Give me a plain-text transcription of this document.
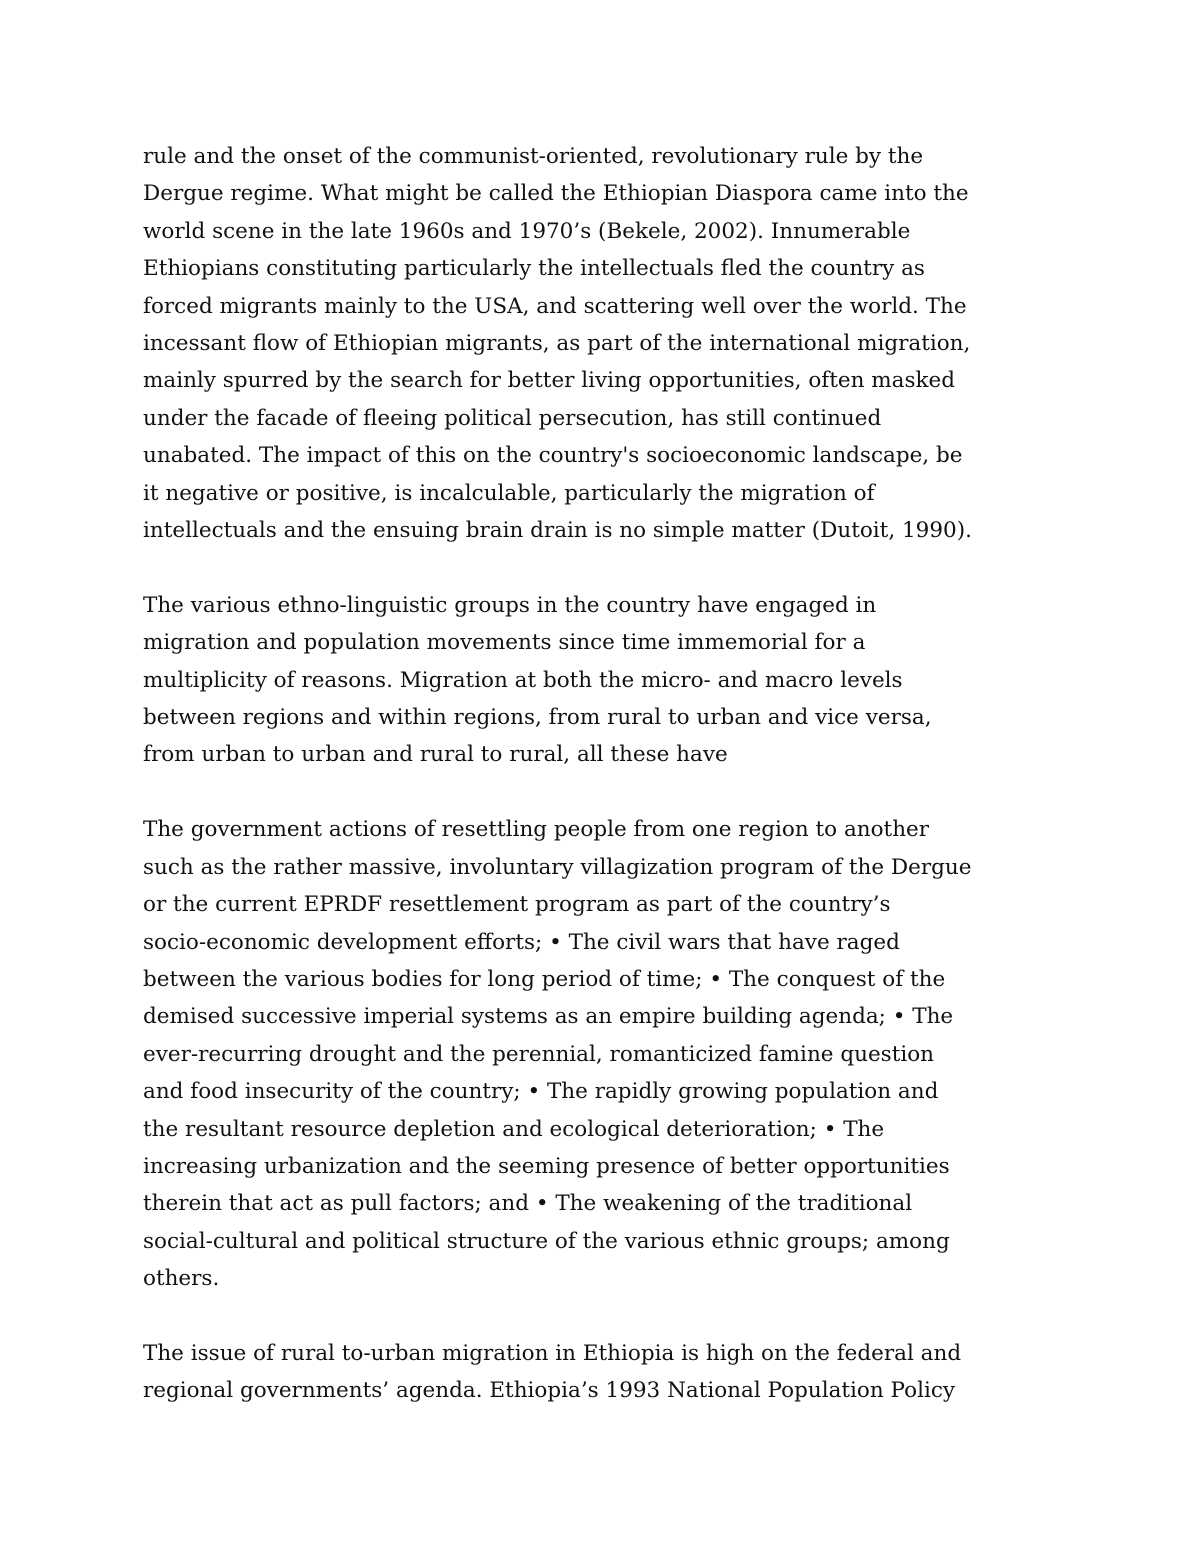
rule and the onset of the communist-oriented, revolutionary rule by the
Dergue regime. What might be called the Ethiopian Diaspora came into the
world scene in the late 1960s and 1970’s (Bekele, 2002). Innumerable
Ethiopians constituting particularly the intellectuals fled the country as
forced migrants mainly to the USA, and scattering well over the world. The
incessant flow of Ethiopian migrants, as part of the international migration,
mainly spurred by the search for better living opportunities, often masked
under the facade of fleeing political persecution, has still continued
unabated. The impact of this on the country's socioeconomic landscape, be
it negative or positive, is incalculable, particularly the migration of
intellectuals and the ensuing brain drain is no simple matter (Dutoit, 1990).

The various ethno-linguistic groups in the country have engaged in
migration and population movements since time immemorial for a
multiplicity of reasons. Migration at both the micro- and macro levels
between regions and within regions, from rural to urban and vice versa,
from urban to urban and rural to rural, all these have

The government actions of resettling people from one region to another
such as the rather massive, involuntary villagization program of the Dergue
or the current EPRDF resettlement program as part of the country’s
socio-economic development efforts; • The civil wars that have raged
between the various bodies for long period of time; • The conquest of the
demised successive imperial systems as an empire building agenda; • The
ever-recurring drought and the perennial, romanticized famine question
and food insecurity of the country; • The rapidly growing population and
the resultant resource depletion and ecological deterioration; • The
increasing urbanization and the seeming presence of better opportunities
therein that act as pull factors; and • The weakening of the traditional
social-cultural and political structure of the various ethnic groups; among
others.

The issue of rural to-urban migration in Ethiopia is high on the federal and
regional governments’ agenda. Ethiopia’s 1993 National Population Policy
